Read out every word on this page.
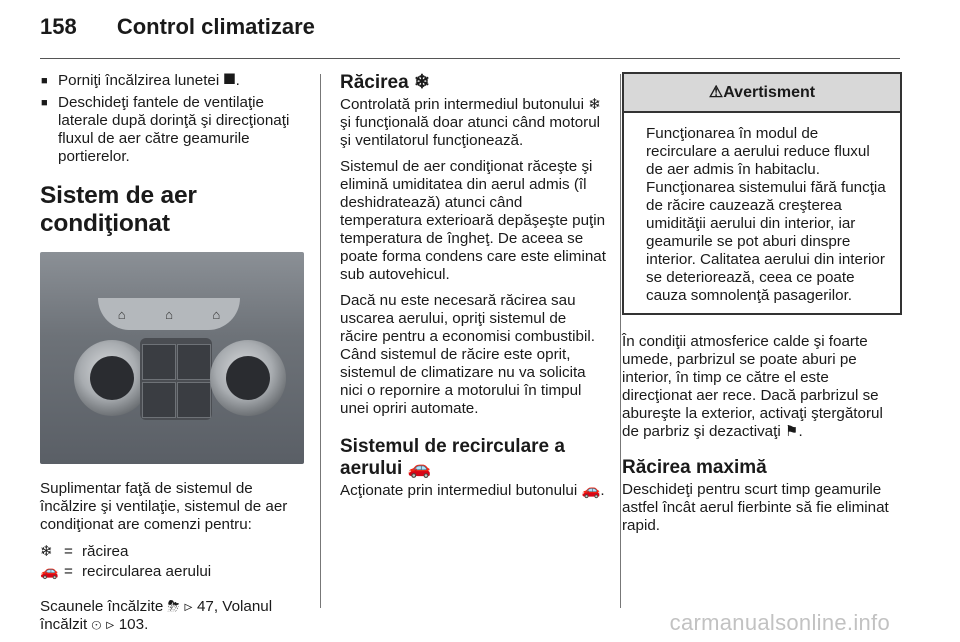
158 Control climatizare
■ Porniţi încălzirea lunetei ⯀.
■ Deschideţi fantele de ventilaţie laterale după dorinţă şi direcţionaţi fluxul de aer către geamurile portierelor.
Sistem de aer condiţionat
⌂	⌂	⌂

Suplimentar faţă de sistemul de încălzire şi ventilaţie, sistemul de aer condiţionat are comenzi pentru:

❄ = răcirea
🚗 = recircularea aerului

Scaunele încălzite ⛈ ⊳ 47, Volanul încălzit ⊙ ⊳ 103.

Răcirea ❄

Controlată prin intermediul butonului ❄ şi funcţională doar atunci când motorul şi ventilatorul funcţionează.

Sistemul de aer condiţionat răceşte şi elimină umiditatea din aerul admis (îl deshidratează) atunci când temperatura exterioară depăşeşte puţin temperatura de îngheţ. De aceea se poate forma condens care este eliminat sub autovehicul.

Dacă nu este necesară răcirea sau uscarea aerului, opriţi sistemul de răcire pentru a economisi combustibil. Când sistemul de răcire este oprit, sistemul de climatizare nu va solicita nici o repornire a motorului în timpul unei opriri automate.

Sistemul de recirculare a aerului 🚗

Acţionate prin intermediul butonului 🚗.

⚠Avertisment
Funcţionarea în modul de recirculare a aerului reduce fluxul de aer admis în habitaclu. Funcţionarea sistemului fără funcţia de răcire cauzează creşterea umidităţii aerului din interior, iar geamurile se pot aburi dinspre interior. Calitatea aerului din interior se deteriorează, ceea ce poate cauza somnolenţă pasagerilor.

În condiţii atmosferice calde şi foarte umede, parbrizul se poate aburi pe interior, în timp ce către el este direcţionat aer rece. Dacă parbrizul se abureşte la exterior, activaţi ştergătorul de parbriz şi dezactivaţi ⚑.

Răcirea maximă

Deschideţi pentru scurt timp geamurile astfel încât aerul fierbinte să fie eliminat rapid.

carmanualsonline.info
